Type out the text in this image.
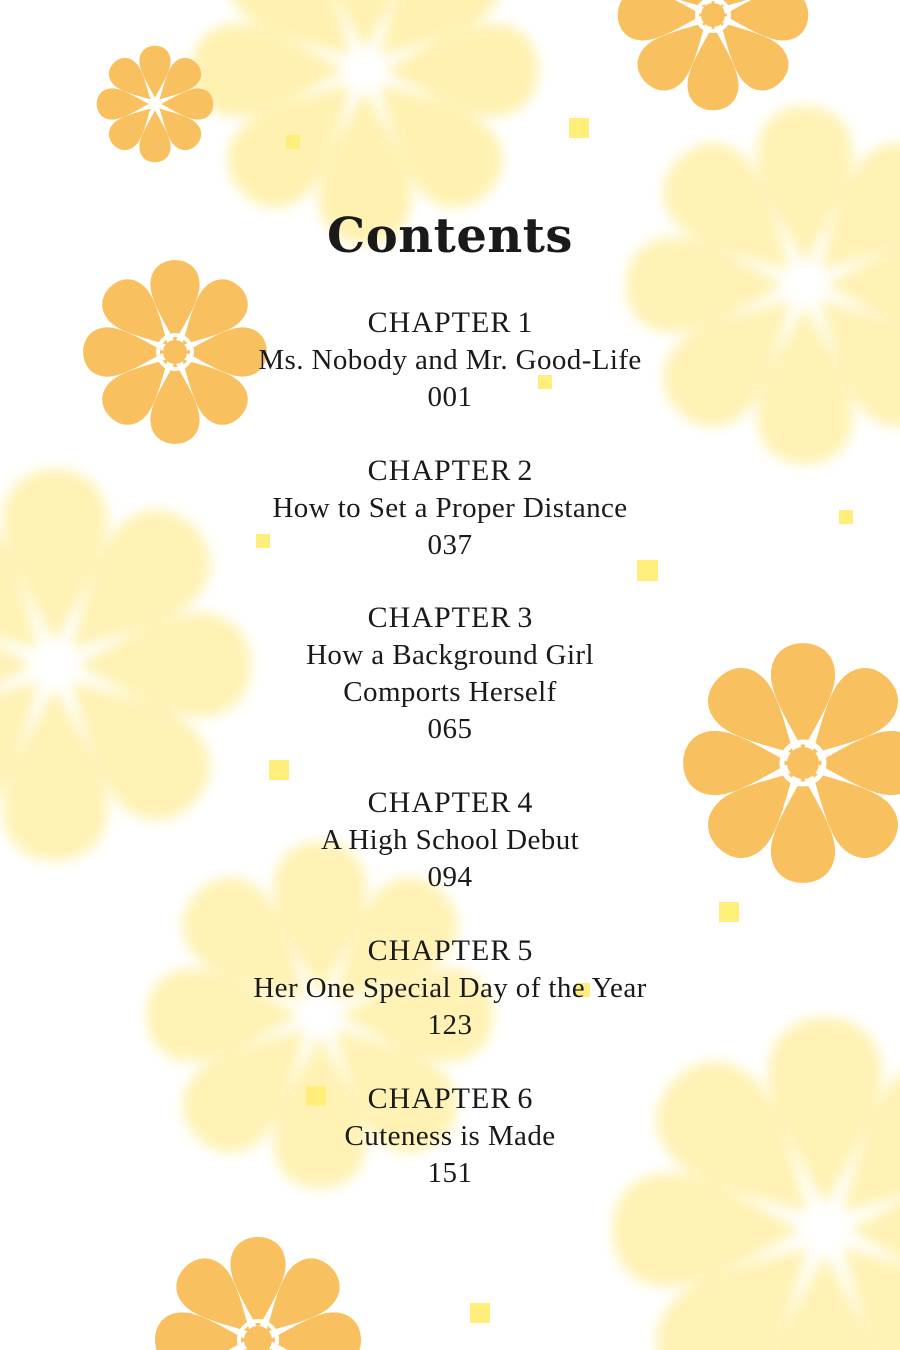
Contents
CHAPTER 1
Ms. Nobody and Mr. Good-Life
001
CHAPTER 2
How to Set a Proper Distance
037
CHAPTER 3
How a Background Girl
Comports Herself
065
CHAPTER 4
A High School Debut
094
CHAPTER 5
Her One Special Day of the Year
123
CHAPTER 6
Cuteness is Made
151
